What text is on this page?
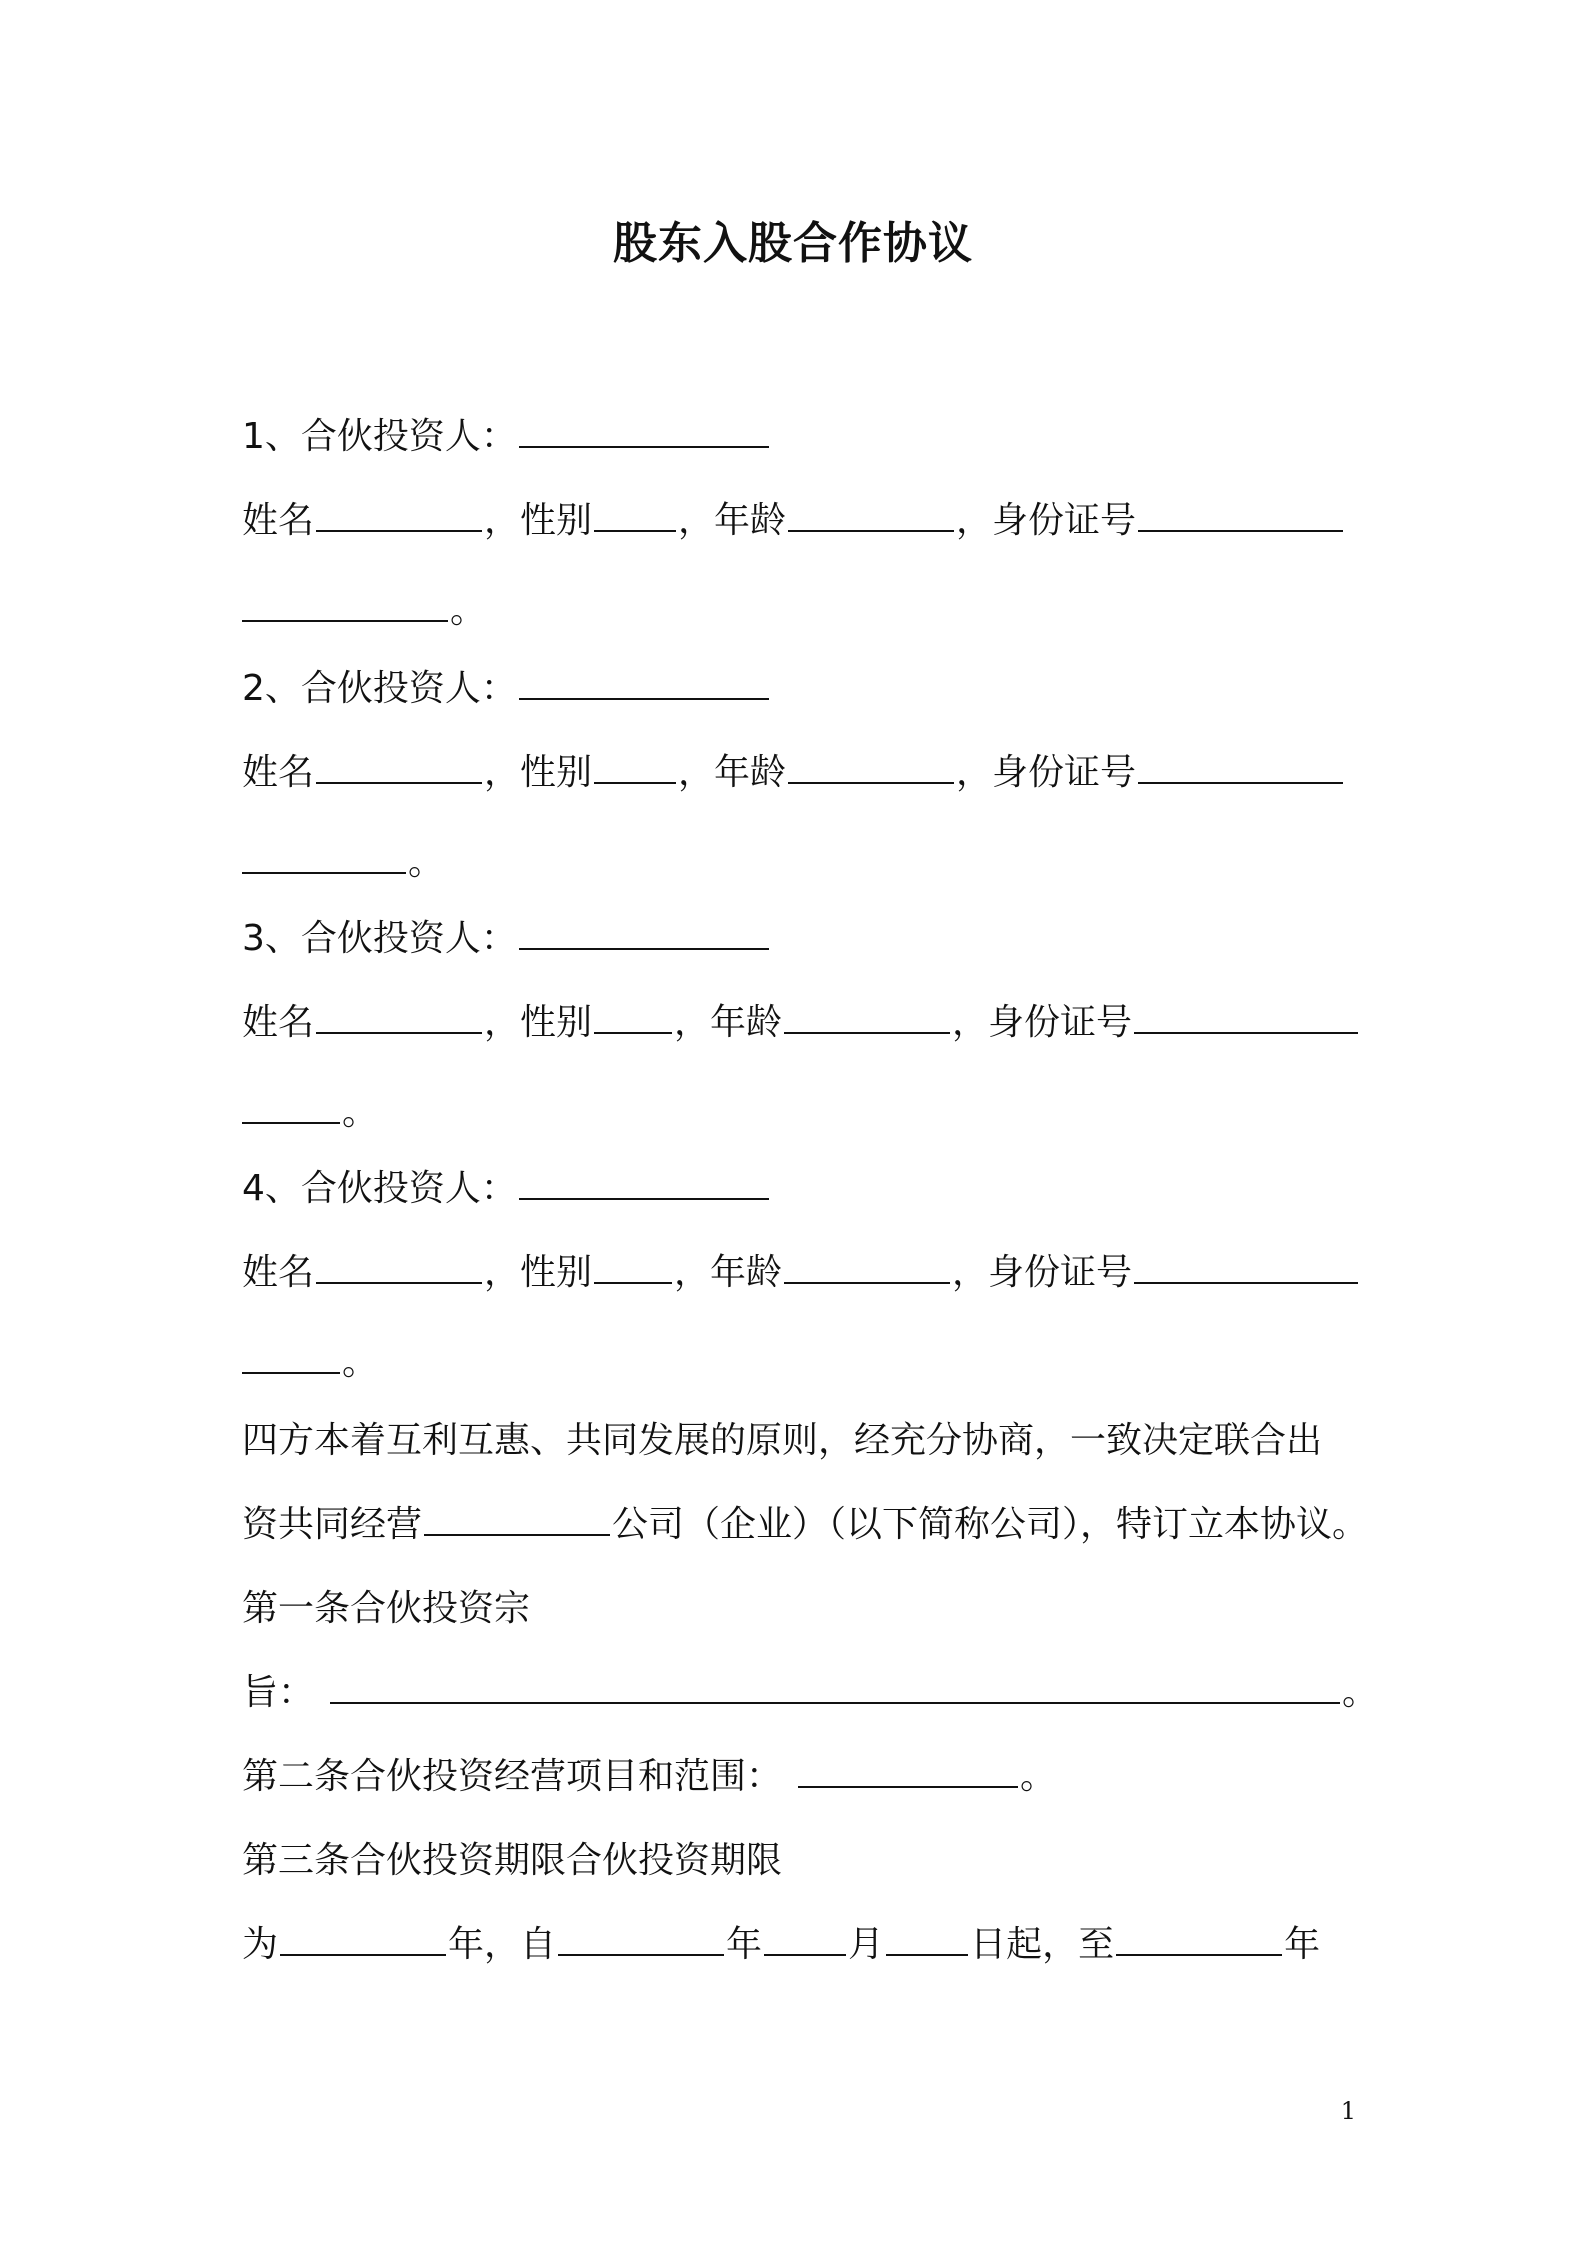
股东入股合作协议
1、合伙投资人：
姓名	，性别 ，年龄	，身份证号
。
2、合伙投资人：
姓名	，性别 ，年龄	，身份证号
。
3、合伙投资人：
姓名	，性别 ，年龄	，身份证号
。
4、合伙投资人：
姓名	，性别 ，年龄	，身份证号
。
四方本着互利互惠、共同发展的原则，经充分协商，一致决定联合出
资共同经营	公司（企业）（以下简称公司），特订立本协议。
第一条合伙投资宗
旨：	。
第二条合伙投资经营项目和范围：	。
第三条合伙投资期限合伙投资期限
为	年，自	年 月 日起，至	年
1
